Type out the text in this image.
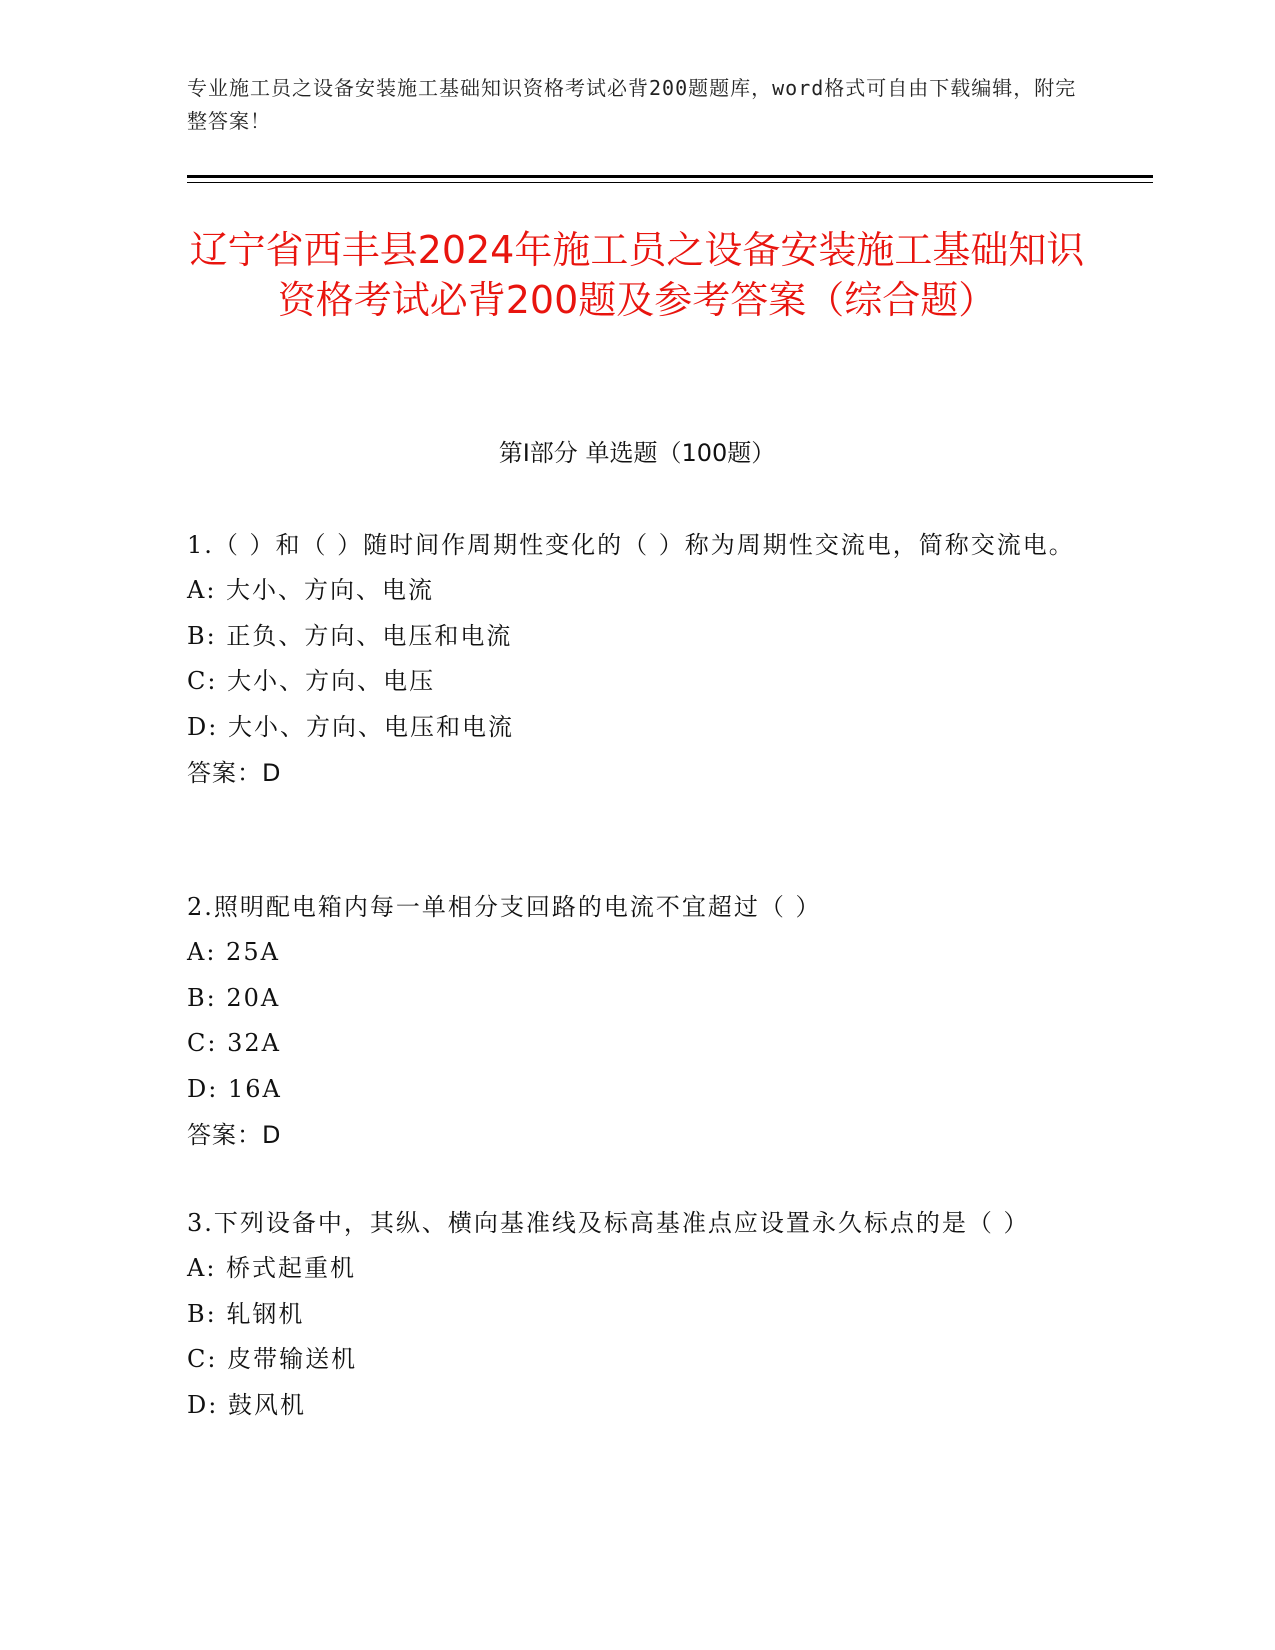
专业施工员之设备安装施工基础知识资格考试必背200题题库，word格式可自由下载编辑，附完整答案！
辽宁省西丰县2024年施工员之设备安装施工基础知识资格考试必背200题及参考答案（综合题）
第Ⅰ部分 单选题（100题）
1.（ ）和（ ）随时间作周期性变化的（ ）称为周期性交流电，简称交流电。
A: 大小、方向、电流
B: 正负、方向、电压和电流
C: 大小、方向、电压
D: 大小、方向、电压和电流
答案：D
2.照明配电箱内每一单相分支回路的电流不宜超过（ ）
A: 25A
B: 20A
C: 32A
D: 16A
答案：D
3.下列设备中，其纵、横向基准线及标高基准点应设置永久标点的是（ ）
A: 桥式起重机
B: 轧钢机
C: 皮带输送机
D: 鼓风机
